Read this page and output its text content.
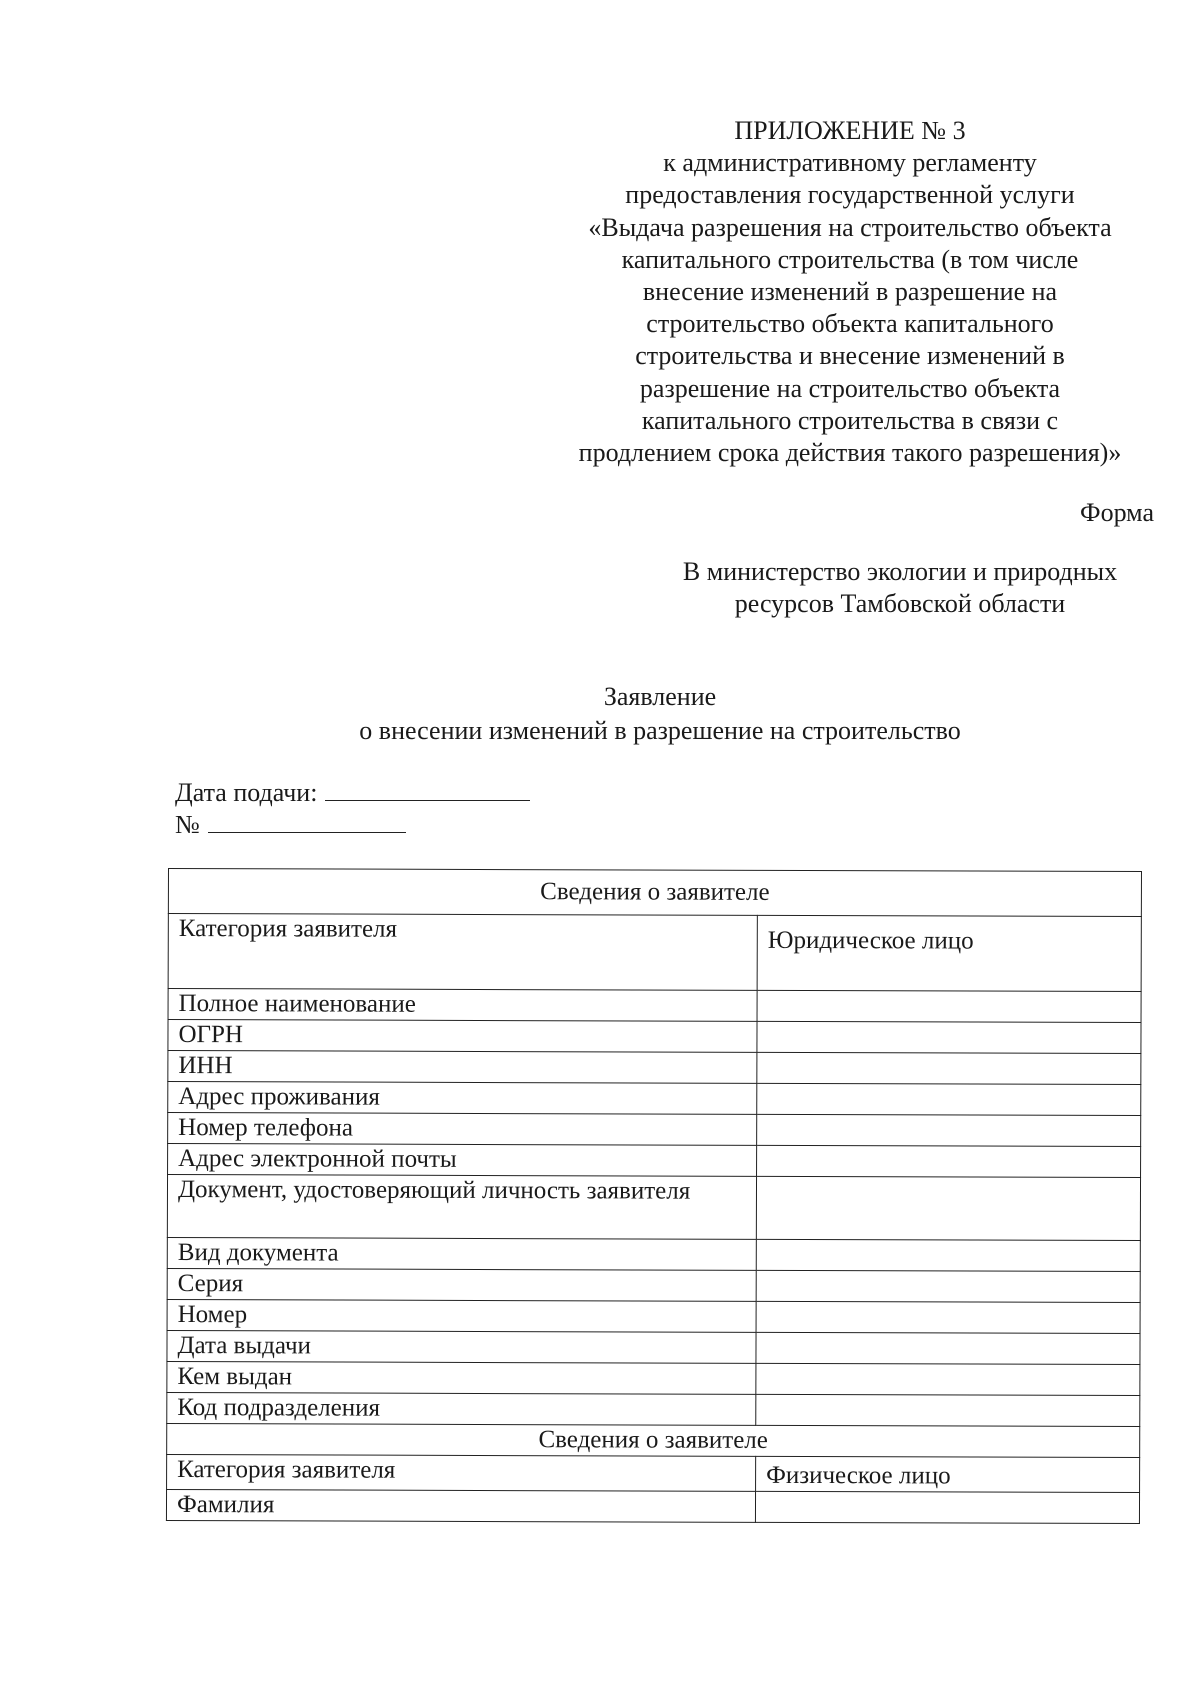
ПРИЛОЖЕНИЕ № 3
к административному регламенту
предоставления государственной услуги
«Выдача разрешения на строительство объекта
капитального строительства (в том числе
внесение изменений в разрешение на
строительство объекта капитального
строительства и внесение изменений в
разрешение на строительство объекта
капитального строительства в связи с
продлением срока действия такого разрешения)»
Форма
В министерство экологии и природных
ресурсов Тамбовской области
Заявление
о внесении изменений в разрешение на строительство
Дата подачи:
№
Сведения о заявителе	
Категория заявителя	Юридическое лицо
Полное наименование	
ОГРН	
ИНН	
Адрес проживания	
Номер телефона	
Адрес электронной почты	
Документ, удостоверяющий личность заявителя	
Вид документа	
Серия	
Номер	
Дата выдачи	
Кем выдан	
Код подразделения	
Сведения о заявителе	
Категория заявителя	Физическое лицо
Фамилия	
